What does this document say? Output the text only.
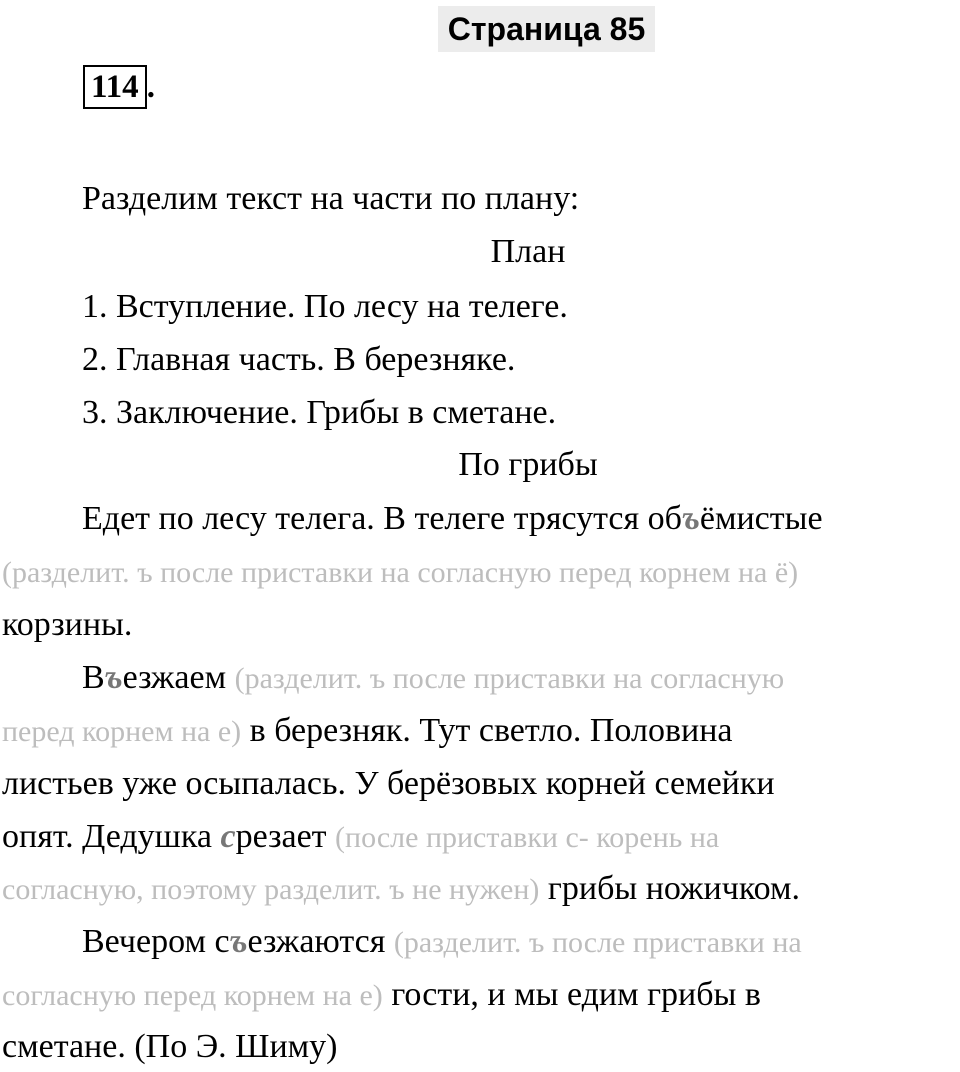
Страница 85
114 .
Разделим текст на части по плану:
План
1. Вступление. По лесу на телеге.
2. Главная часть. В березняке.
3. Заключение. Грибы в сметане.
По грибы
Едет по лесу телега. В телеге трясутся объёмистые
(разделит. ъ после приставки на согласную перед корнем на ё)
корзины.
Въезжаем (разделит. ъ после приставки на согласную
перед корнем на е) в березняк. Тут светло. Половина
листьев уже осыпалась. У берёзовых корней семейки
опят. Дедушка срезает (после приставки с- корень на
согласную, поэтому разделит. ъ не нужен) грибы ножичком.
Вечером съезжаются (разделит. ъ после приставки на
согласную перед корнем на е) гости, и мы едим грибы в
сметане. (По Э. Шиму)
